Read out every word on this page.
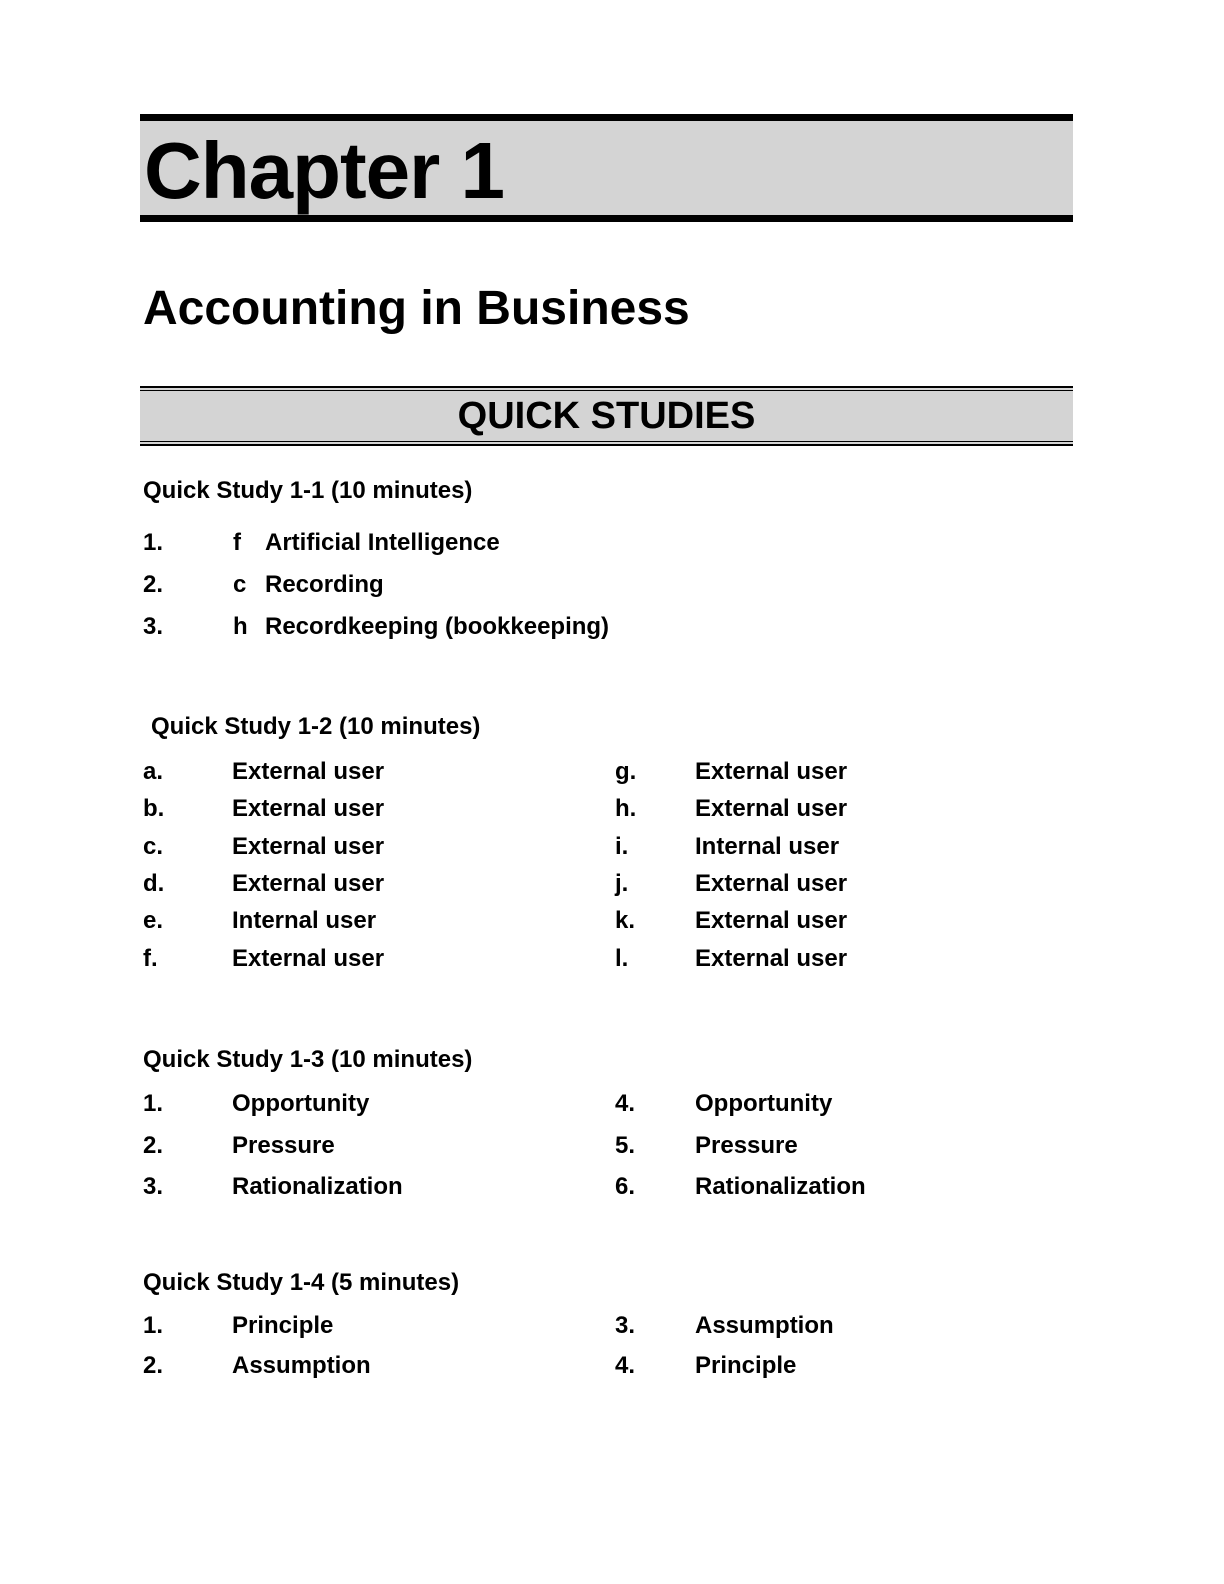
Chapter 1
Accounting in Business
QUICK STUDIES
Quick Study 1-1 (10 minutes)
1.	f Artificial Intelligence
2.	c Recording
3.	h Recordkeeping (bookkeeping)
Quick Study 1-2 (10 minutes)
a.	External user	g. External user
b.	External user	h. External user
c.	External user	i.	Internal user
d.	External user	j.	External user
e.	Internal user	k. External user
f.	External user	l.	External user
Quick Study 1-3 (10 minutes)
1.	Opportunity	4. Opportunity
2.	Pressure	5. Pressure
3.	Rationalization	6. Rationalization
Quick Study 1-4 (5 minutes)
1.	Principle	3. Assumption
2.	Assumption	4. Principle
